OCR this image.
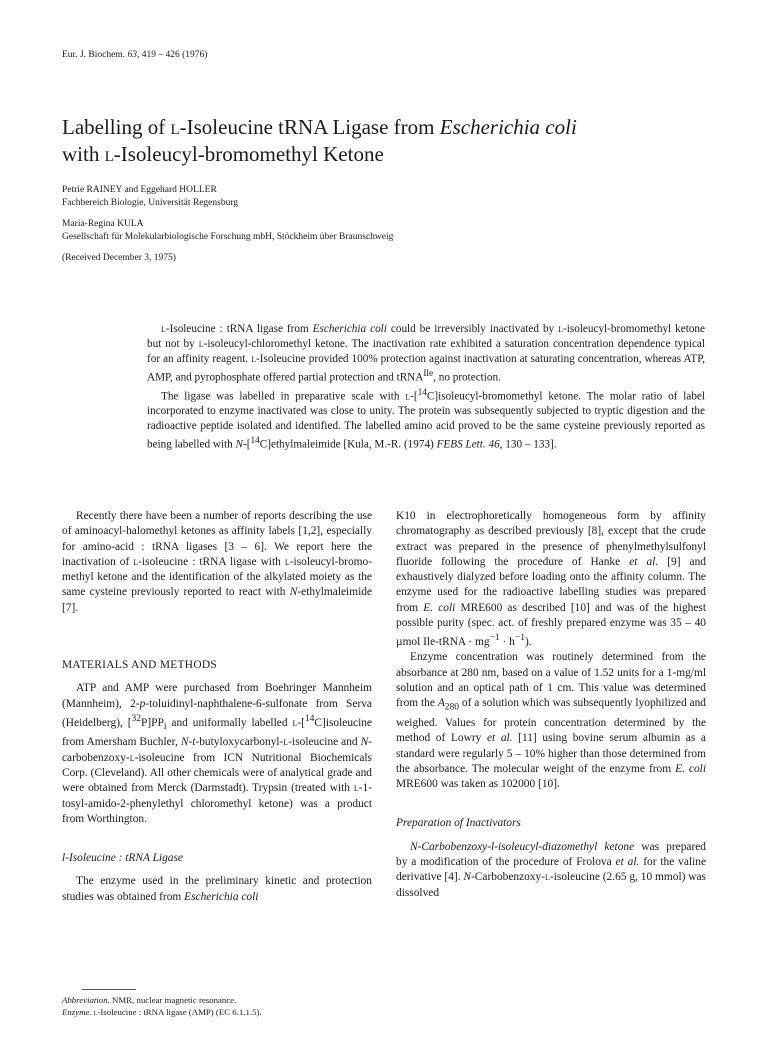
Eur. J. Biochem. 63, 419 – 426 (1976)
Labelling of l-Isoleucine tRNA Ligase from Escherichia coli
with l-Isoleucyl-bromomethyl Ketone

Petrie RAINEY and Eggehard HOLLER

Fachbereich Biologie, Universität Regensburg

Maria-Regina KULA

Gesellschaft für Molekularbiologische Forschung mbH, Stöckheim über Braunschweig

(Received December 3, 1975)

l-Isoleucine : tRNA ligase from Escherichia coli could be irreversibly inactivated by l-isoleucyl-bromomethyl ketone but not by l-isoleucyl-chloromethyl ketone. The inactivation rate exhibited a saturation concentration dependence typical for an affinity reagent. l-Isoleucine provided 100% protection against inactivation at saturating concentration, whereas ATP, AMP, and pyrophosphate offered partial protection and tRNA$^{Ile}$, no protection.

The ligase was labelled in preparative scale with l-[$^{14}$C]isoleucyl-bromomethyl ketone. The molar ratio of label incorporated to enzyme inactivated was close to unity. The protein was subsequently subjected to tryptic digestion and the radioactive peptide isolated and identified. The labelled amino acid proved to be the same cysteine previously reported as being labelled with N-[$^{14}$C]ethylmaleimide [Kula, M.-R. (1974) FEBS Lett. 46, 130 – 133].

Recently there have been a number of reports describing the use of aminoacyl-halomethyl ketones as affinity labels [1,2], especially for amino-acid : tRNA ligases [3 – 6]. We report here the inactivation of l-isoleucine : tRNA ligase with l-isoleucyl-bromo-methyl ketone and the identification of the alkylated moiety as the same cysteine previously reported to react with N-ethylmaleimide [7].

MATERIALS AND METHODS

ATP and AMP were purchased from Boehringer Mannheim (Mannheim), 2-p-toluidinyl-naphthalene-6-sulfonate from Serva (Heidelberg), $[^{32}P]PP_i$ and uniformally labelled l-[$^{14}$C]isoleucine from Amersham Buchler, N-t-butyloxycarbonyl-l-isoleucine and N-carbobenzoxy-l-isoleucine from ICN Nutritional Biochemicals Corp. (Cleveland). All other chemicals were of analytical grade and were obtained from Merck (Darmstadt). Trypsin (treated with l-1-tosyl-amido-2-phenylethyl chloromethyl ketone) was a product from Worthington.

l-Isoleucine : tRNA Ligase

The enzyme used in the preliminary kinetic and protection studies was obtained from Escherichia coli

K10 in electrophoretically homogeneous form by affinity chromatography as described previously [8], except that the crude extract was prepared in the presence of phenylmethylsulfonyl fluoride following the procedure of Hanke et al. [9] and exhaustively dialyzed before loading onto the affinity column. The enzyme used for the radioactive labelling studies was prepared from E. coli MRE600 as described [10] and was of the highest possible purity (spec. act. of freshly prepared enzyme was 35 – 40 µmol Ile-tRNA · $mg^{-1} \cdot h^{-1}$).

Enzyme concentration was routinely determined from the absorbance at 280 nm, based on a value of 1.52 units for a 1-mg/ml solution and an optical path of 1 cm. This value was determined from the $A_{280}$ of a solution which was subsequently lyophilized and weighed. Values for protein concentration determined by the method of Lowry et al. [11] using bovine serum albumin as a standard were regularly 5 – 10% higher than those determined from the absorbance. The molecular weight of the enzyme from E. coli MRE600 was taken as 102000 [10].

Preparation of Inactivators

N-Carbobenzoxy-l-isoleucyl-diazomethyl ketone was prepared by a modification of the procedure of Frolova et al. for the valine derivative [4]. N-Carbobenzoxy-l-isoleucine (2.65 g, 10 mmol) was dissolved

Abbreviation. NMR, nuclear magnetic resonance.

Enzyme. l-Isoleucine : tRNA ligase (AMP) (EC 6.1.1.5).
